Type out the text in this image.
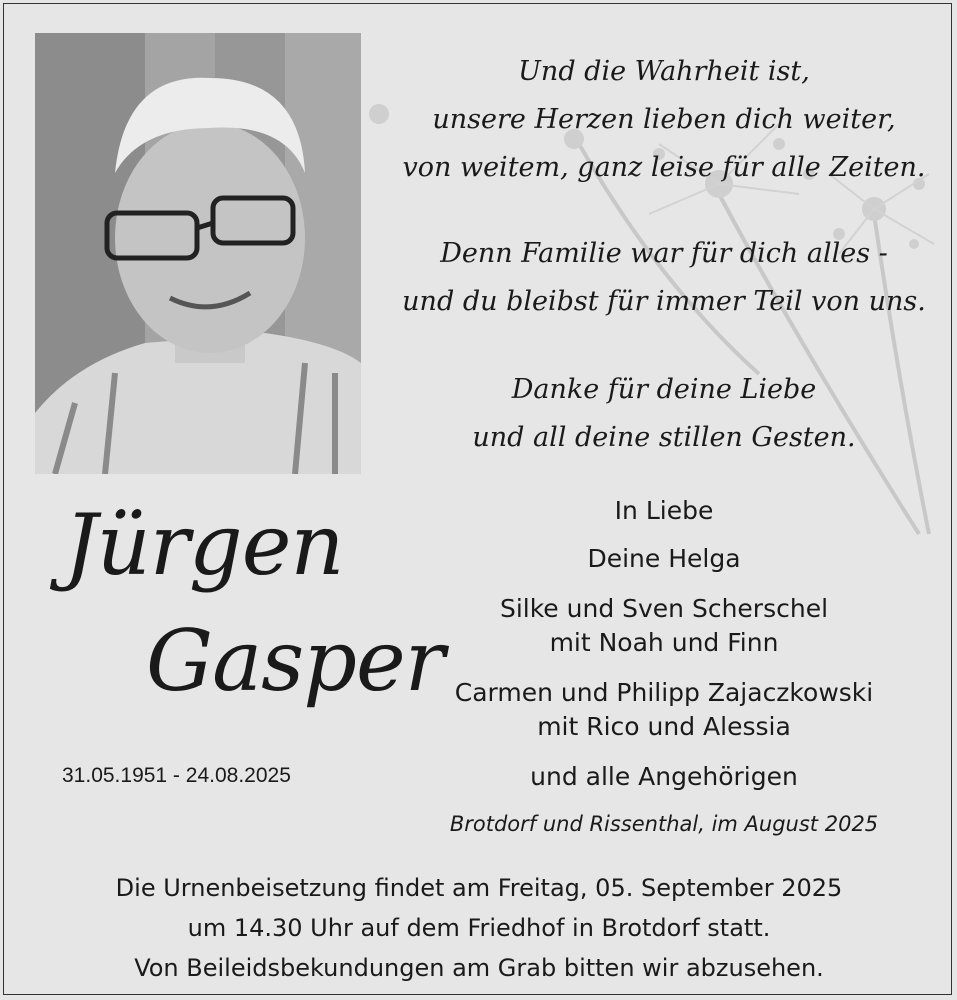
Und die Wahrheit ist,
unsere Herzen lieben dich weiter,
von weitem, ganz leise für alle Zeiten.
Denn Familie war für dich alles -
und du bleibst für immer Teil von uns.
Danke für deine Liebe
und all deine stillen Gesten.
Jürgen
Gasper
31.05.1951 - 24.08.2025
In Liebe
Deine Helga
Silke und Sven Scherschel
mit Noah und Finn
Carmen und Philipp Zajaczkowski
mit Rico und Alessia
und alle Angehörigen
Brotdorf und Rissenthal, im August 2025
Die Urnenbeisetzung findet am Freitag, 05. September 2025
um 14.30 Uhr auf dem Friedhof in Brotdorf statt.
Von Beileidsbekundungen am Grab bitten wir abzusehen.
